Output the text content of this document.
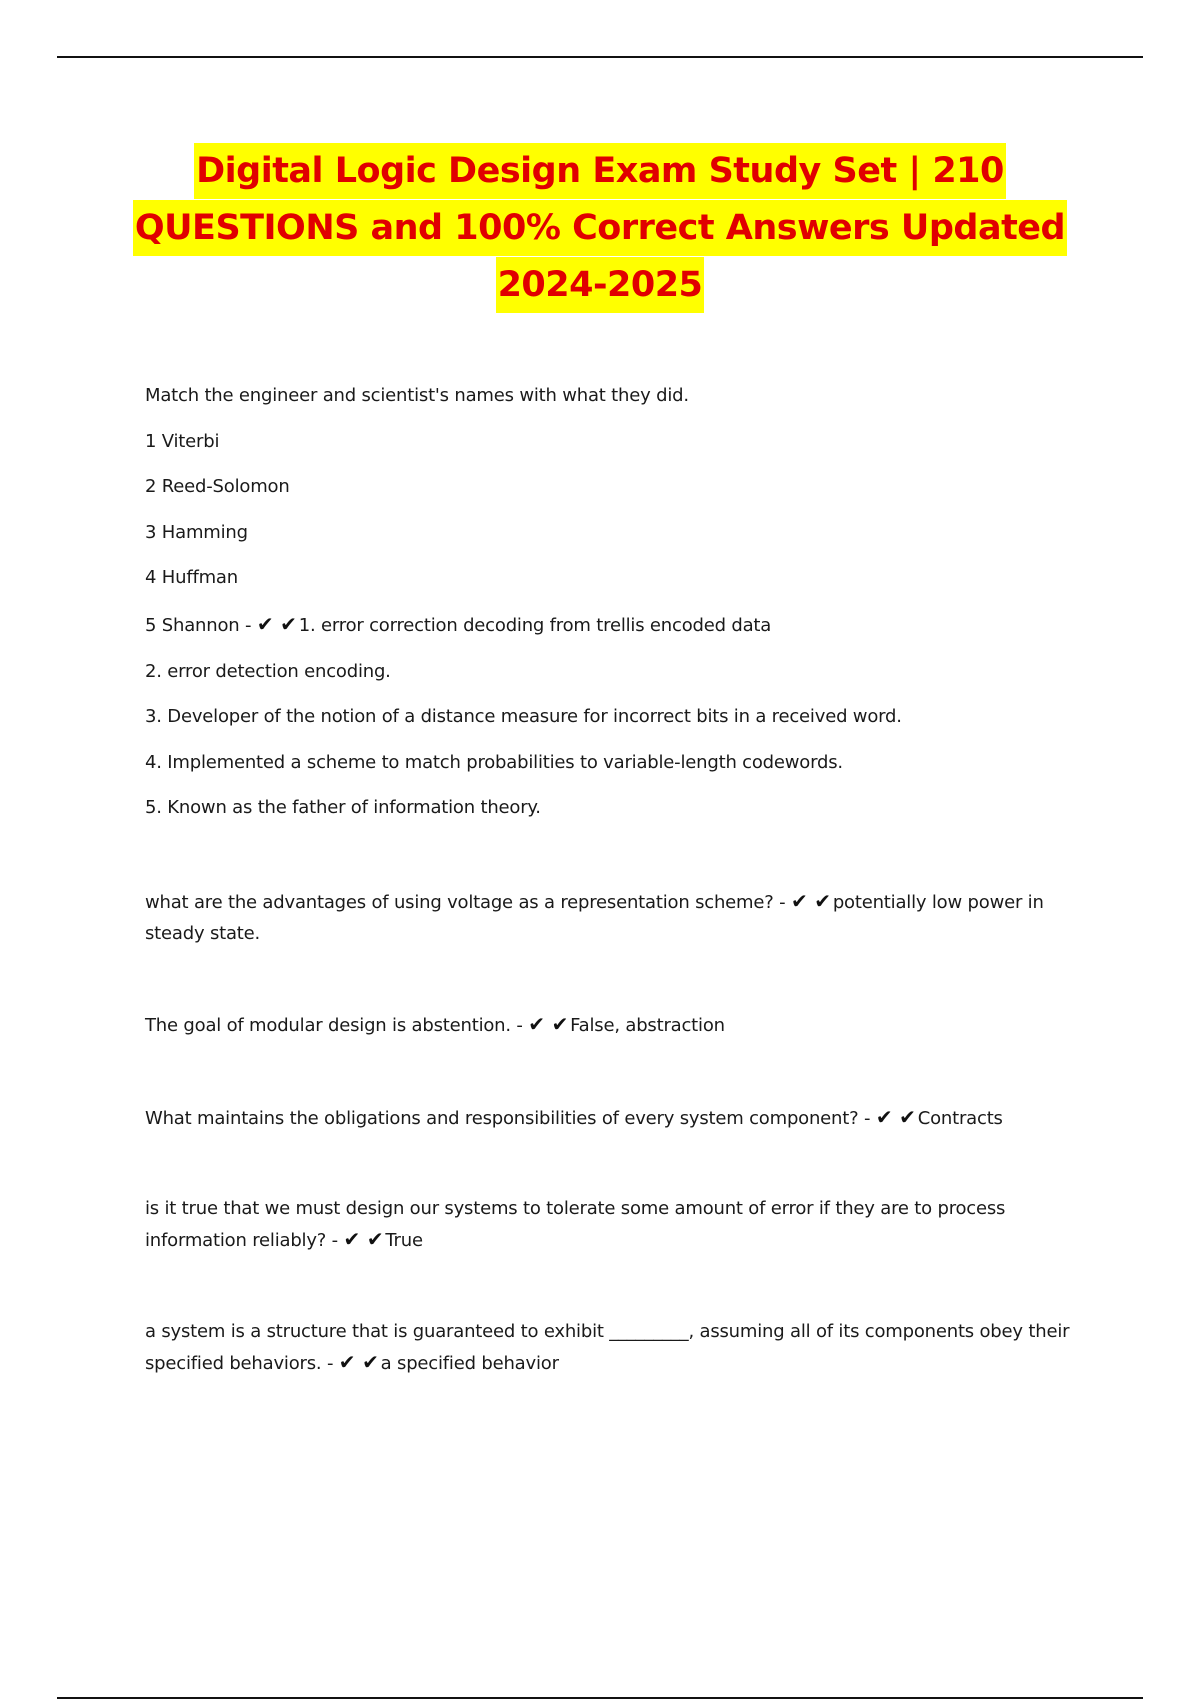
Digital Logic Design Exam Study Set | 210
QUESTIONS and 100% Correct Answers Updated
2024-2025

Match the engineer and scientist's names with what they did.

1 Viterbi

2 Reed-Solomon

3 Hamming

4 Huffman

5 Shannon - ✔ ✔ 1. error correction decoding from trellis encoded data

2. error detection encoding.

3. Developer of the notion of a distance measure for incorrect bits in a received word.

4. Implemented a scheme to match probabilities to variable-length codewords.

5. Known as the father of information theory.

what are the advantages of using voltage as a representation scheme? - ✔ ✔ potentially low power in steady state.

The goal of modular design is abstention. - ✔ ✔ False, abstraction

What maintains the obligations and responsibilities of every system component? - ✔ ✔ Contracts

is it true that we must design our systems to tolerate some amount of error if they are to process information reliably? - ✔ ✔ True

a system is a structure that is guaranteed to exhibit _________, assuming all of its components obey their specified behaviors. - ✔ ✔ a specified behavior
